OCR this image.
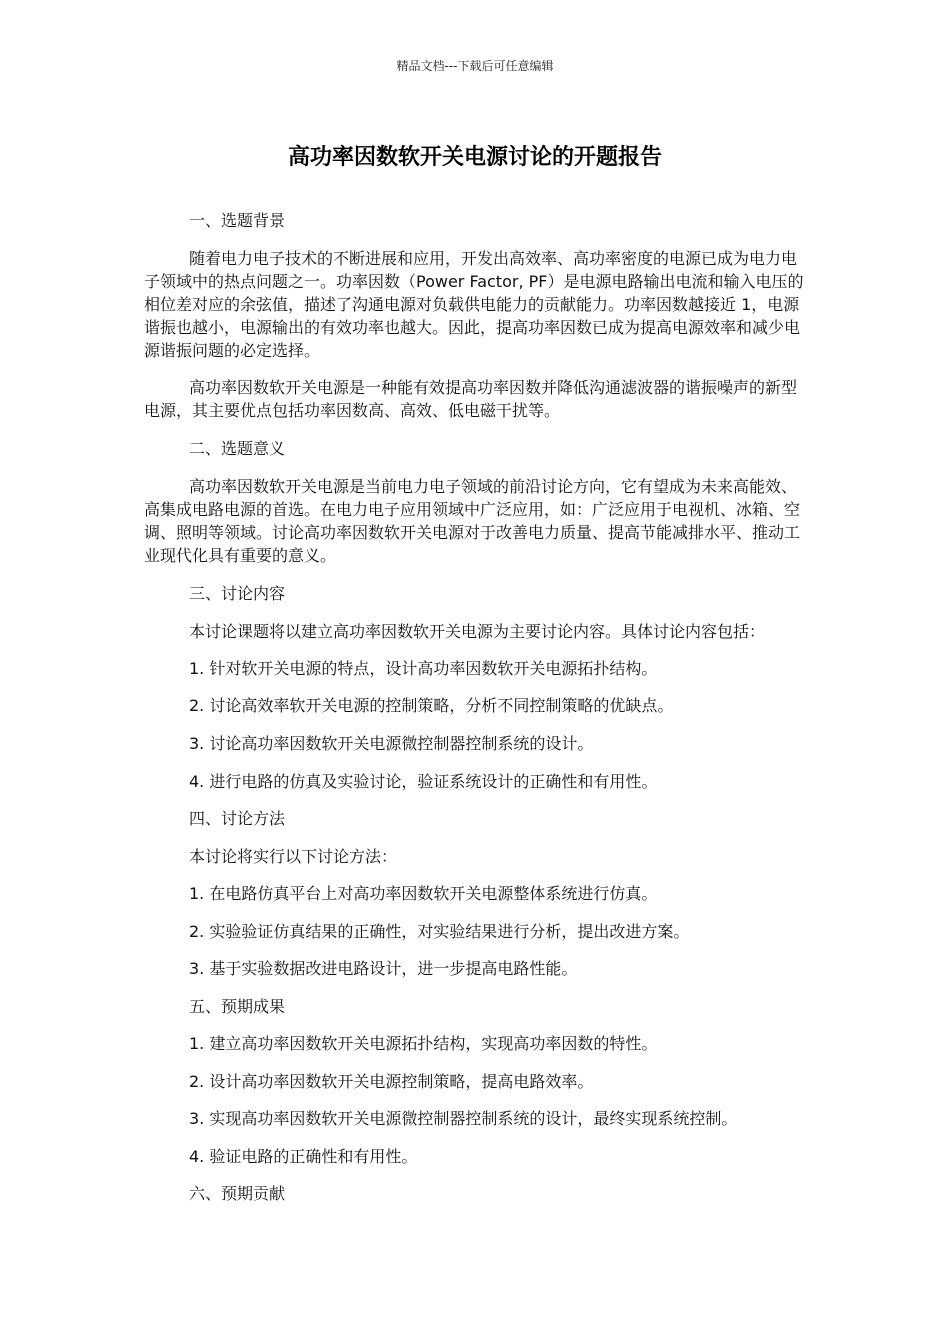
精品文档---下载后可任意编辑
高功率因数软开关电源讨论的开题报告
一、选题背景
随着电力电子技术的不断进展和应用，开发出高效率、高功率密度的电源已成为电力电子领域中的热点问题之一。功率因数（Power Factor, PF）是电源电路输出电流和输入电压的相位差对应的余弦值，描述了沟通电源对负载供电能力的贡献能力。功率因数越接近 1，电源谐振也越小，电源输出的有效功率也越大。因此，提高功率因数已成为提高电源效率和减少电源谐振问题的必定选择。
高功率因数软开关电源是一种能有效提高功率因数并降低沟通滤波器的谐振噪声的新型电源，其主要优点包括功率因数高、高效、低电磁干扰等。
二、选题意义
高功率因数软开关电源是当前电力电子领域的前沿讨论方向，它有望成为未来高能效、高集成电路电源的首选。在电力电子应用领域中广泛应用，如：广泛应用于电视机、冰箱、空调、照明等领域。讨论高功率因数软开关电源对于改善电力质量、提高节能减排水平、推动工业现代化具有重要的意义。
三、讨论内容
本讨论课题将以建立高功率因数软开关电源为主要讨论内容。具体讨论内容包括：
1. 针对软开关电源的特点，设计高功率因数软开关电源拓扑结构。
2. 讨论高效率软开关电源的控制策略，分析不同控制策略的优缺点。
3. 讨论高功率因数软开关电源微控制器控制系统的设计。
4. 进行电路的仿真及实验讨论，验证系统设计的正确性和有用性。
四、讨论方法
本讨论将实行以下讨论方法：
1. 在电路仿真平台上对高功率因数软开关电源整体系统进行仿真。
2. 实验验证仿真结果的正确性，对实验结果进行分析，提出改进方案。
3. 基于实验数据改进电路设计，进一步提高电路性能。
五、预期成果
1. 建立高功率因数软开关电源拓扑结构，实现高功率因数的特性。
2. 设计高功率因数软开关电源控制策略，提高电路效率。
3. 实现高功率因数软开关电源微控制器控制系统的设计，最终实现系统控制。
4. 验证电路的正确性和有用性。
六、预期贡献
